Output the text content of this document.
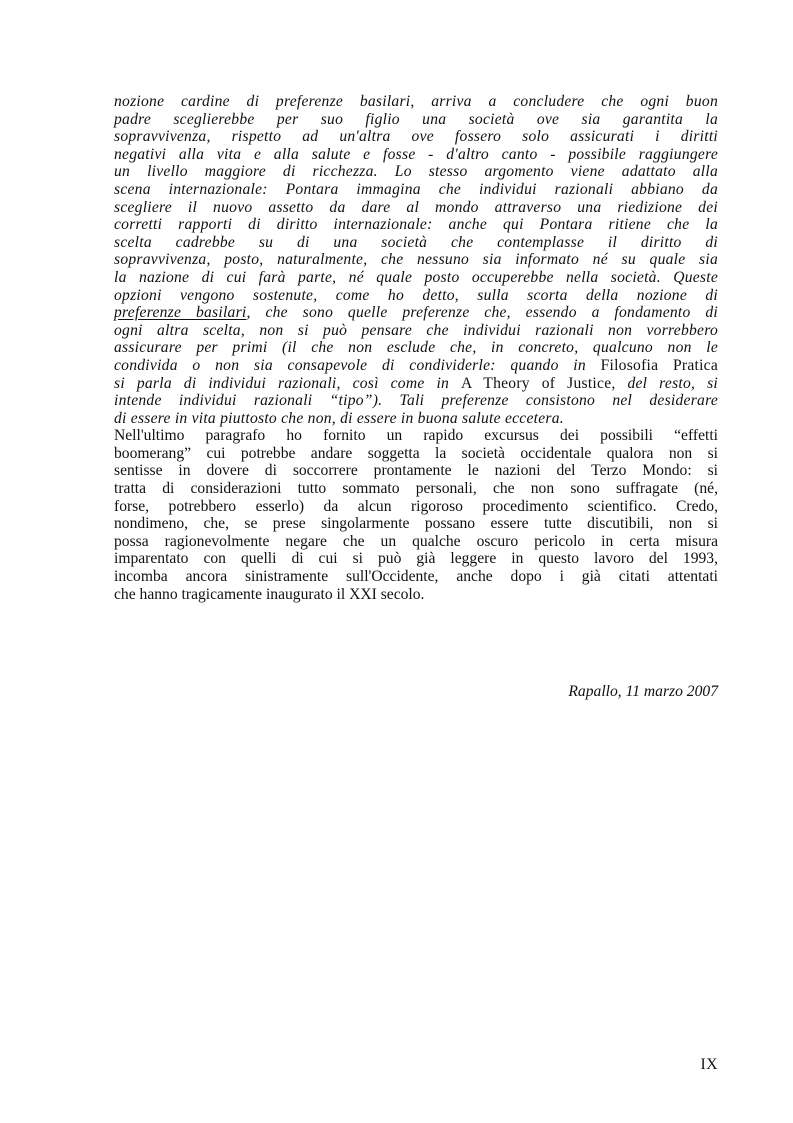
nozione cardine di preferenze basilari, arriva a concludere che ogni buon
padre sceglierebbe per suo figlio una società ove sia garantita la
sopravvivenza, rispetto ad un'altra ove fossero solo assicurati i diritti
negativi alla vita e alla salute e fosse - d'altro canto - possibile raggiungere
un livello maggiore di ricchezza. Lo stesso argomento viene adattato alla
scena internazionale: Pontara immagina che individui razionali abbiano da
scegliere il nuovo assetto da dare al mondo attraverso una riedizione dei
corretti rapporti di diritto internazionale: anche qui Pontara ritiene che la
scelta cadrebbe su di una società che contemplasse il diritto di
sopravvivenza, posto, naturalmente, che nessuno sia informato né su quale sia
la nazione di cui farà parte, né quale posto occuperebbe nella società. Queste
opzioni vengono sostenute, come ho detto, sulla scorta della nozione di
preferenze basilari, che sono quelle preferenze che, essendo a fondamento di
ogni altra scelta, non si può pensare che individui razionali non vorrebbero
assicurare per primi (il che non esclude che, in concreto, qualcuno non le
condivida o non sia consapevole di condividerle: quando in Filosofia Pratica
si parla di individui razionali, così come in A Theory of Justice, del resto, si
intende individui razionali “tipo”). Tali preferenze consistono nel desiderare
di essere in vita piuttosto che non, di essere in buona salute eccetera.

Nell'ultimo paragrafo ho fornito un rapido excursus dei possibili “effetti
boomerang” cui potrebbe andare soggetta la società occidentale qualora non si
sentisse in dovere di soccorrere prontamente le nazioni del Terzo Mondo: si
tratta di considerazioni tutto sommato personali, che non sono suffragate (né,
forse, potrebbero esserlo) da alcun rigoroso procedimento scientifico. Credo,
nondimeno, che, se prese singolarmente possano essere tutte discutibili, non si
possa ragionevolmente negare che un qualche oscuro pericolo in certa misura
imparentato con quelli di cui si può già leggere in questo lavoro del 1993,
incomba ancora sinistramente sull'Occidente, anche dopo i già citati attentati
che hanno tragicamente inaugurato il XXI secolo.

Rapallo, 11 marzo 2007
IX
